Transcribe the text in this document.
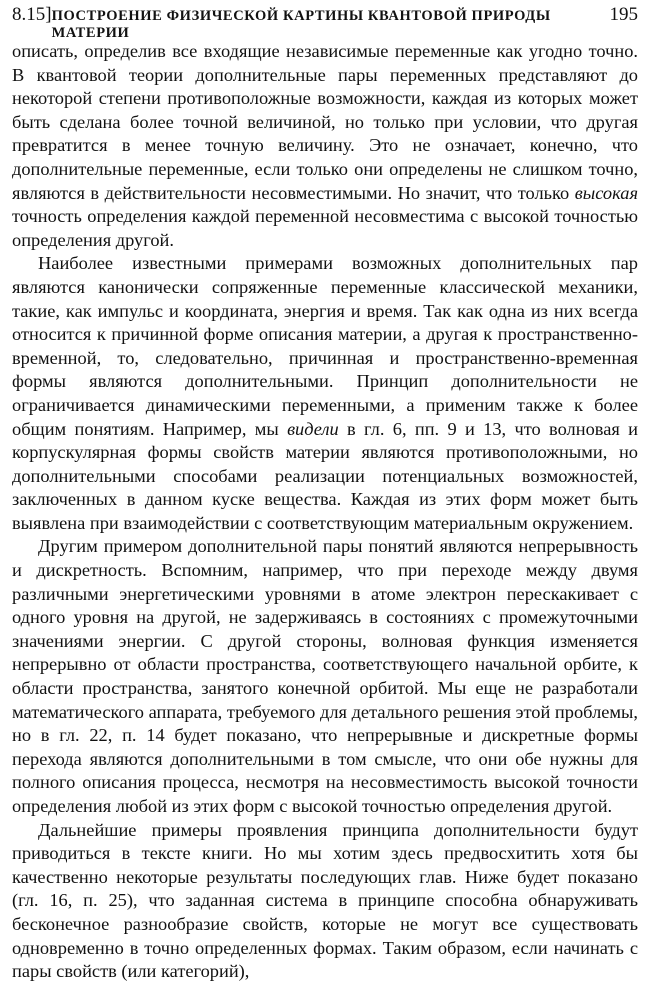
8.15] ПОСТРОЕНИЕ ФИЗИЧЕСКОЙ КАРТИНЫ КВАНТОВОЙ ПРИРОДЫ МАТЕРИИ
195

описать, определив все входящие независимые переменные как угодно точно. В квантовой теории дополнительные пары переменных представляют до некоторой степени противоположные возможности, каждая из которых может быть сделана более точной величиной, но только при условии, что другая превратится в менее точную величину. Это не означает, конечно, что дополнительные переменные, если только они определены не слишком точно, являются в действительности несовместимыми. Но значит, что только высокая точность определения каждой переменной несовместима с высокой точностью определения другой.

Наиболее известными примерами возможных дополнительных пар являются канонически сопряженные переменные классической механики, такие, как импульс и координата, энергия и время. Так как одна из них всегда относится к причинной форме описания материи, а другая к пространственно-временной, то, следовательно, причинная и пространственно-временная формы являются дополнительными. Принцип дополнительности не ограничивается динамическими переменными, а применим также к более общим понятиям. Например, мы видели в гл. 6, пп. 9 и 13, что волновая и корпускулярная формы свойств материи являются противоположными, но дополнительными способами реализации потенциальных возможностей, заключенных в данном куске вещества. Каждая из этих форм может быть выявлена при взаимодействии с соответствующим материальным окружением.

Другим примером дополнительной пары понятий являются непрерывность и дискретность. Вспомним, например, что при переходе между двумя различными энергетическими уровнями в атоме электрон перескакивает с одного уровня на другой, не задерживаясь в состояниях с промежуточными значениями энергии. С другой стороны, волновая функция изменяется непрерывно от области пространства, соответствующего начальной орбите, к области пространства, занятого конечной орбитой. Мы еще не разработали математического аппарата, требуемого для детального решения этой проблемы, но в гл. 22, п. 14 будет показано, что непрерывные и дискретные формы перехода являются дополнительными в том смысле, что они обе нужны для полного описания процесса, несмотря на несовместимость высокой точности определения любой из этих форм с высокой точностью определения другой.

Дальнейшие примеры проявления принципа дополнительности будут приводиться в тексте книги. Но мы хотим здесь предвосхитить хотя бы качественно некоторые результаты последующих глав. Ниже будет показано (гл. 16, п. 25), что заданная система в принципе способна обнаруживать бесконечное разнообразие свойств, которые не могут все существовать одновременно в точно определенных формах. Таким образом, если начинать с пары свойств (или категорий),
